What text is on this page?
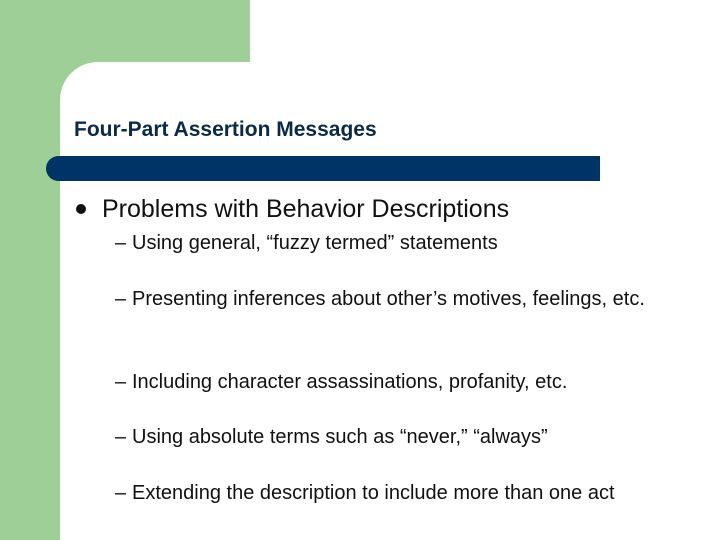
Four-Part Assertion Messages
Problems with Behavior Descriptions
– Using general, “fuzzy termed” statements
– Presenting inferences about other’s motives, feelings, etc.
– Including character assassinations, profanity, etc.
– Using absolute terms such as “never,” “always”
– Extending the description to include more than one act
